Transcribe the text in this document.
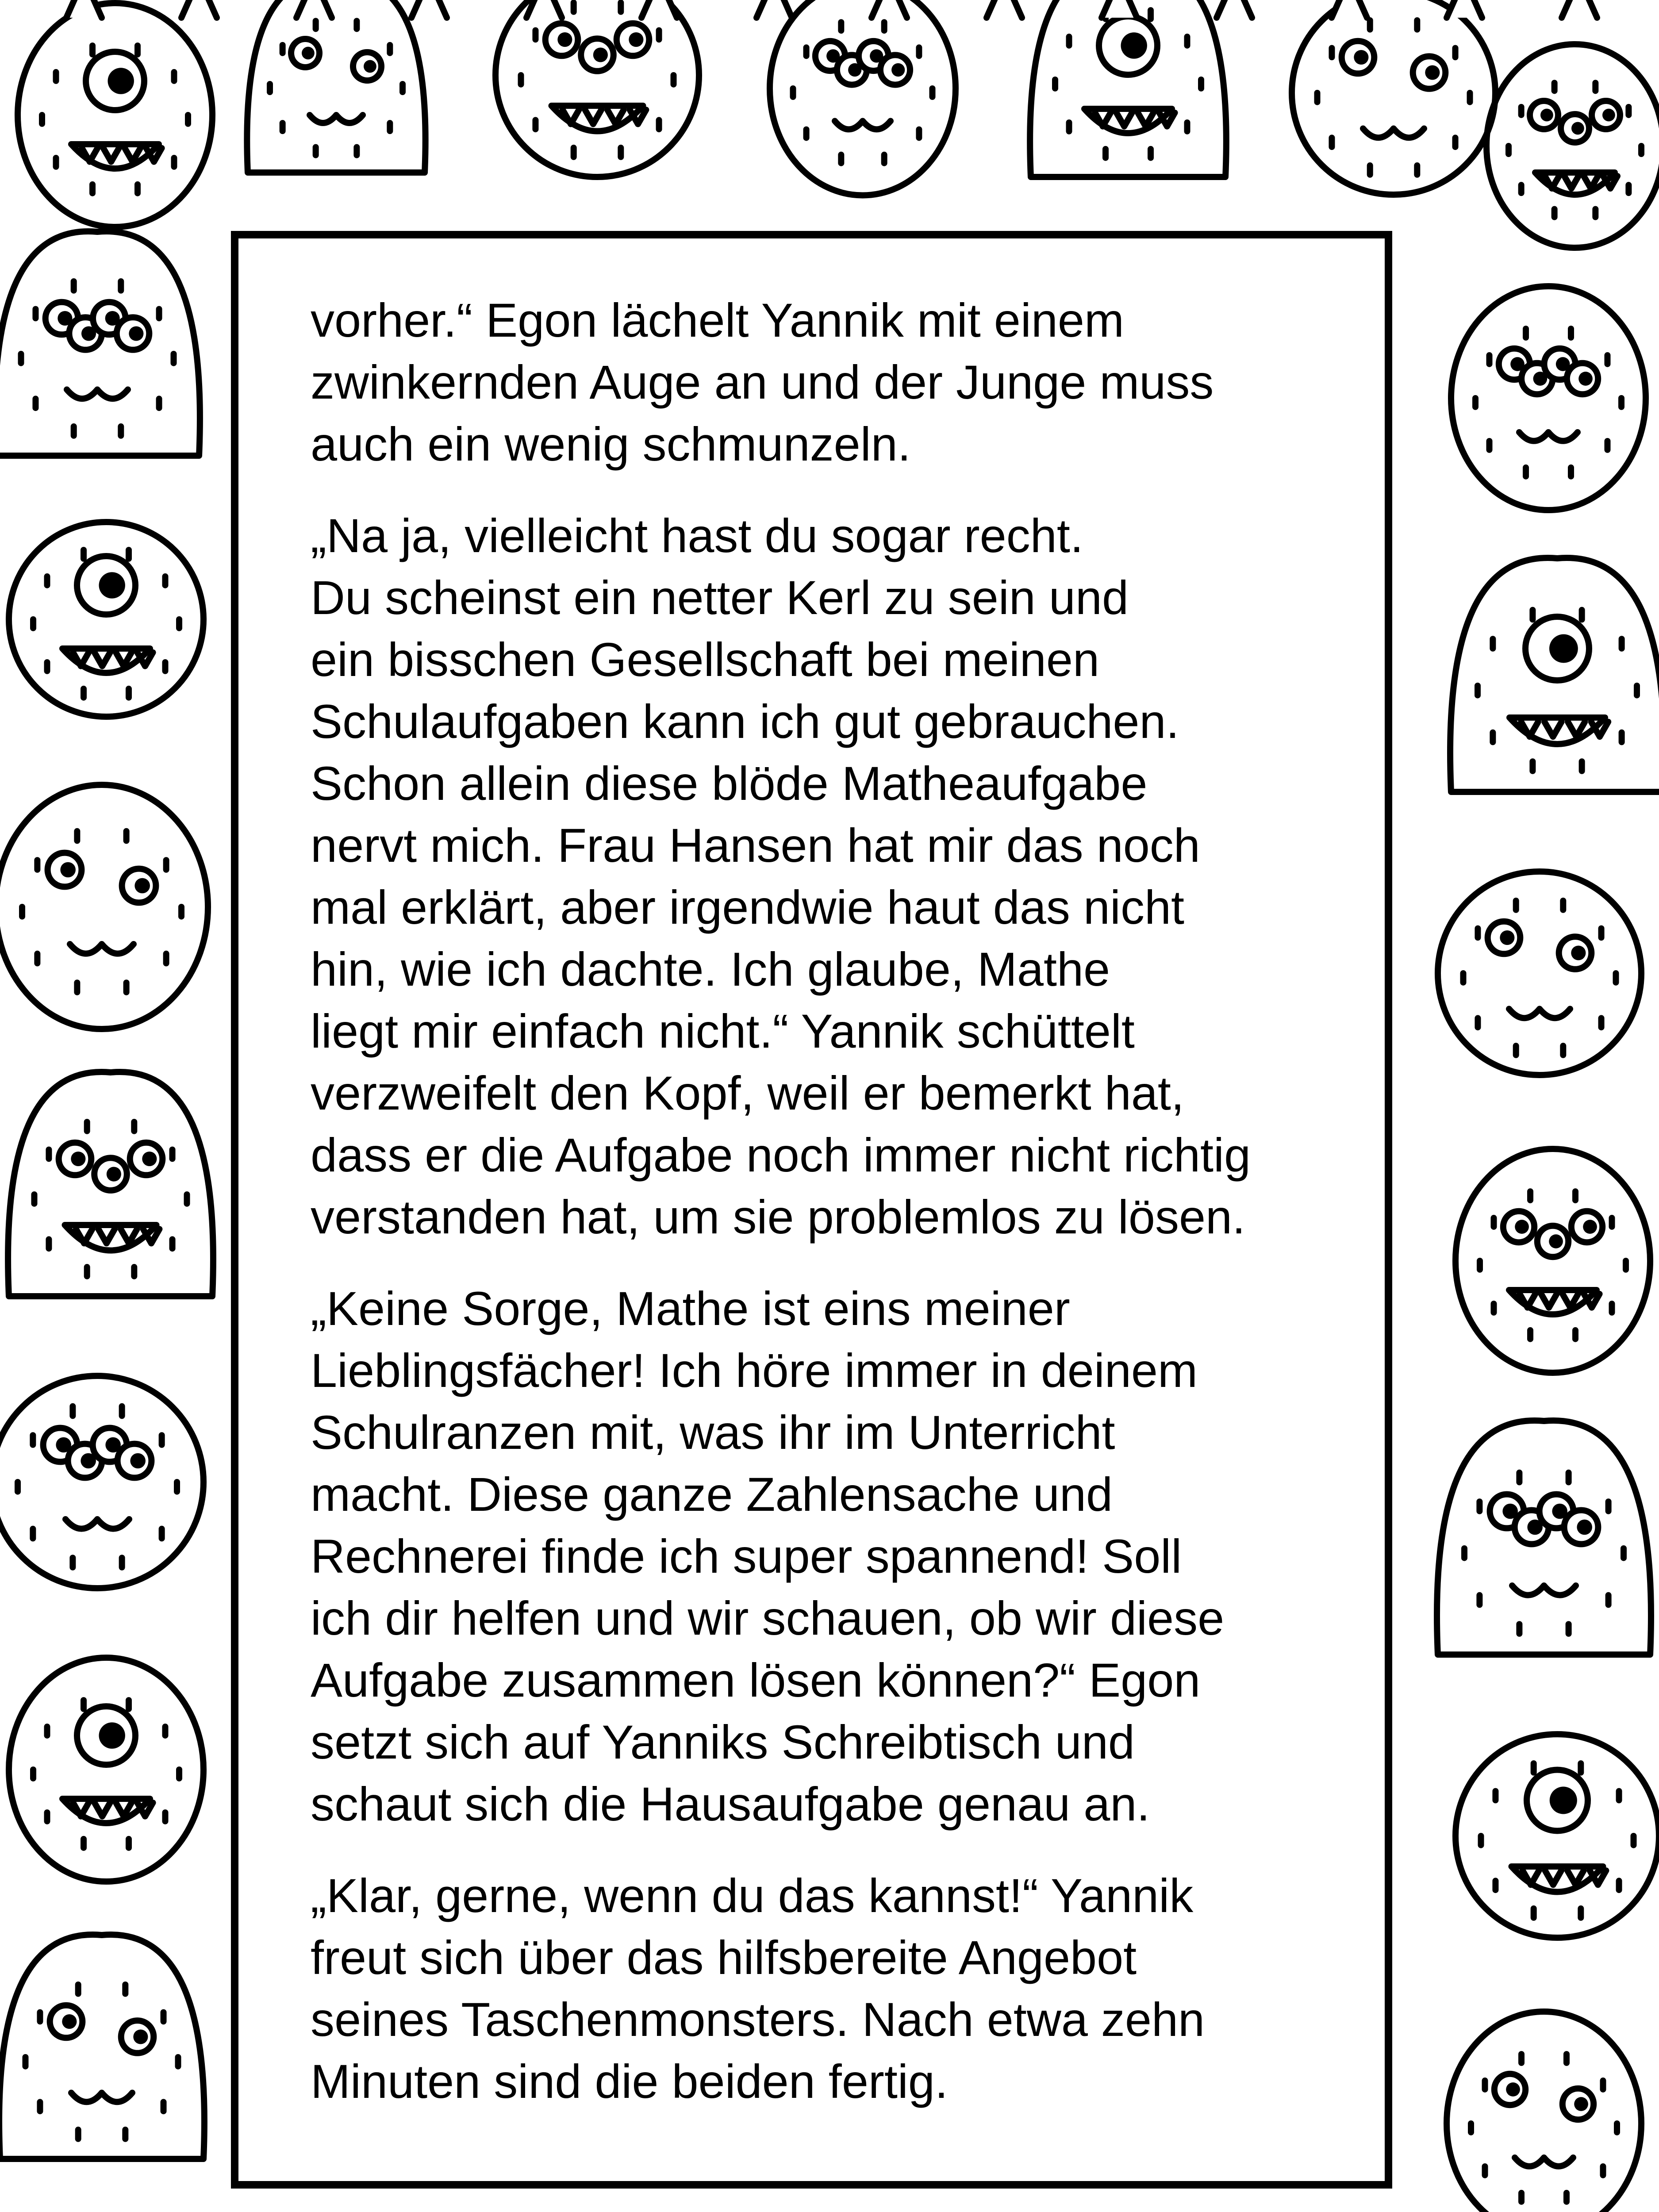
vorher.“ Egon lächelt Yannik mit einem
zwinkernden Auge an und der Junge muss
auch ein wenig schmunzeln.

„Na ja, vielleicht hast du sogar recht.
Du scheinst ein netter Kerl zu sein und
ein bisschen Gesellschaft bei meinen
Schulaufgaben kann ich gut gebrauchen.
Schon allein diese blöde Matheaufgabe
nervt mich. Frau Hansen hat mir das noch
mal erklärt, aber irgendwie haut das nicht
hin, wie ich dachte. Ich glaube, Mathe
liegt mir einfach nicht.“ Yannik schüttelt
verzweifelt den Kopf, weil er bemerkt hat,
dass er die Aufgabe noch immer nicht richtig
verstanden hat, um sie problemlos zu lösen.

„Keine Sorge, Mathe ist eins meiner
Lieblingsfächer! Ich höre immer in deinem
Schulranzen mit, was ihr im Unterricht
macht. Diese ganze Zahlensache und
Rechnerei finde ich super spannend! Soll
ich dir helfen und wir schauen, ob wir diese
Aufgabe zusammen lösen können?“ Egon
setzt sich auf Yanniks Schreibtisch und
schaut sich die Hausaufgabe genau an.

„Klar, gerne, wenn du das kannst!“ Yannik
freut sich über das hilfsbereite Angebot
seines Taschenmonsters. Nach etwa zehn
Minuten sind die beiden fertig.
